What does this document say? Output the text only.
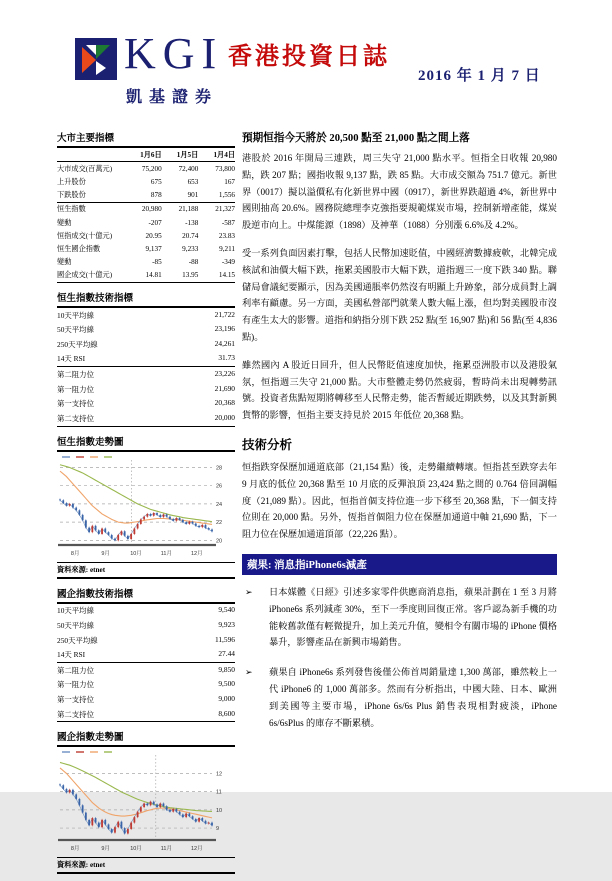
KGI
凱基證券
香港投資日誌
2016 年 1 月 7 日
大市主要指標
1月6日	1月5日	1月4日
大市成交(百萬元)	75,200	72,400	73,800
上升股份	675	653	167
下跌股份	878	901	1,556
恒生指數	20,980	21,188	21,327
變動	-207	-138	-587
恒指成交(十億元)	20.95	20.74	23.83
恒生國企指數	9,137	9,233	9,211
變動	-85	-88	-349
國企成交(十億元)	14.81	13.95	14.15
恒生指數技術指標
10天平均線	21,722
50天平均線	23,196
250天平均線	24,261
14天 RSI	31.73
第二阻力位	23,226
第一阻力位	21,690
第一支持位	20,368
第二支持位	20,000
恒生指數走勢圖
28
26
24
22
20
8月	9月	10月	11月	12月
資料來源: etnet
國企指數技術指標
10天平均線	9,540
50天平均線	9,923
250天平均線	11,596
14天 RSI	27.44
第二阻力位	9,850
第一阻力位	9,500
第一支持位	9,000
第二支持位	8,600
國企指數走勢圖
12
11
10
9
8月	9月	10月	11月	12月
資料來源: etnet
預期恒指今天將於 20,500 點至 21,000 點之間上落
港股於 2016 年開局三連跌，周三失守 21,000 點水平。恒指全日收報 20,980 點，跌 207 點；國指收報 9,137 點，跌 85 點。大市成交額為 751.7 億元。新世界（0017）擬以溢價私有化新世界中國（0917），新世界跌超過 4%，新世界中國則抽高 20.6%。國務院總理李克強指要規範煤炭市場，控制新增產能，煤炭股逆市向上。中煤能源（1898）及神華（1088）分別漲 6.6%及 4.2%。
受一系列負面因素打擊，包括人民幣加速貶值，中國經濟數據疲軟，北韓完成核試和油價大幅下跌，拖累美國股市大幅下跌，道指週三一度下跌 340 點。聯儲局會議紀要顯示，因為美國通脹率仍然沒有明顯上升跡象，部分成員對上調利率有顧慮。另一方面，美國私營部門就業人數大幅上漲，但均對美國股市沒有產生太大的影響。道指和納指分別下跌 252 點(至 16,907 點)和 56 點(至 4,836 點)。
雖然國內 A 股近日回升，但人民幣貶值速度加快，拖累亞洲股市以及港股氣氛，恒指週三失守 21,000 點。大市整體走勢仍然疲弱，暫時尚未出現轉勢訊號。投資者焦點短期將轉移至人民幣走勢，能否暫緩近期跌勢，以及其對新興貨幣的影響，恒指主要支持見於 2015 年低位 20,368 點。
技術分析
恒指跌穿保歷加通道底部（21,154 點）後，走勢繼續轉壞。恒指甚至跌穿去年 9 月底的低位 20,368 點至 10 月底的反彈浪頂 23,424 點之間的 0.764 倍回調幅度（21,089 點）。因此，恒指首個支持位進一步下移至 20,368 點，下一個支持位則在 20,000 點。另外，恆指首個阻力位在保歷加通道中軸 21,690 點，下一阻力位在保歷加通道頂部（22,226 點）。
蘋果: 消息指iPhone6s減產
➢	日本媒體《日經》引述多家零件供應商消息指，蘋果計劃在 1 至 3 月將 iPhone6s 系列減產 30%，至下一季度則回復正常。客戶認為新手機的功能較舊款僅有輕微提升，加上美元升值，變相令有關市場的 iPhone 價格暴升，影響產品在新興市場銷售。
➢	蘋果自 iPhone6s 系列發售後僅公佈首周銷量達 1,300 萬部，雖然較上一代 iPhone6 的 1,000 萬部多。然而有分析指出，中國大陸、日本、歐洲到美國等主要市場，iPhone 6s/6s Plus 銷售表現相對疲淡，iPhone 6s/6sPlus 的庫存不斷累積。
